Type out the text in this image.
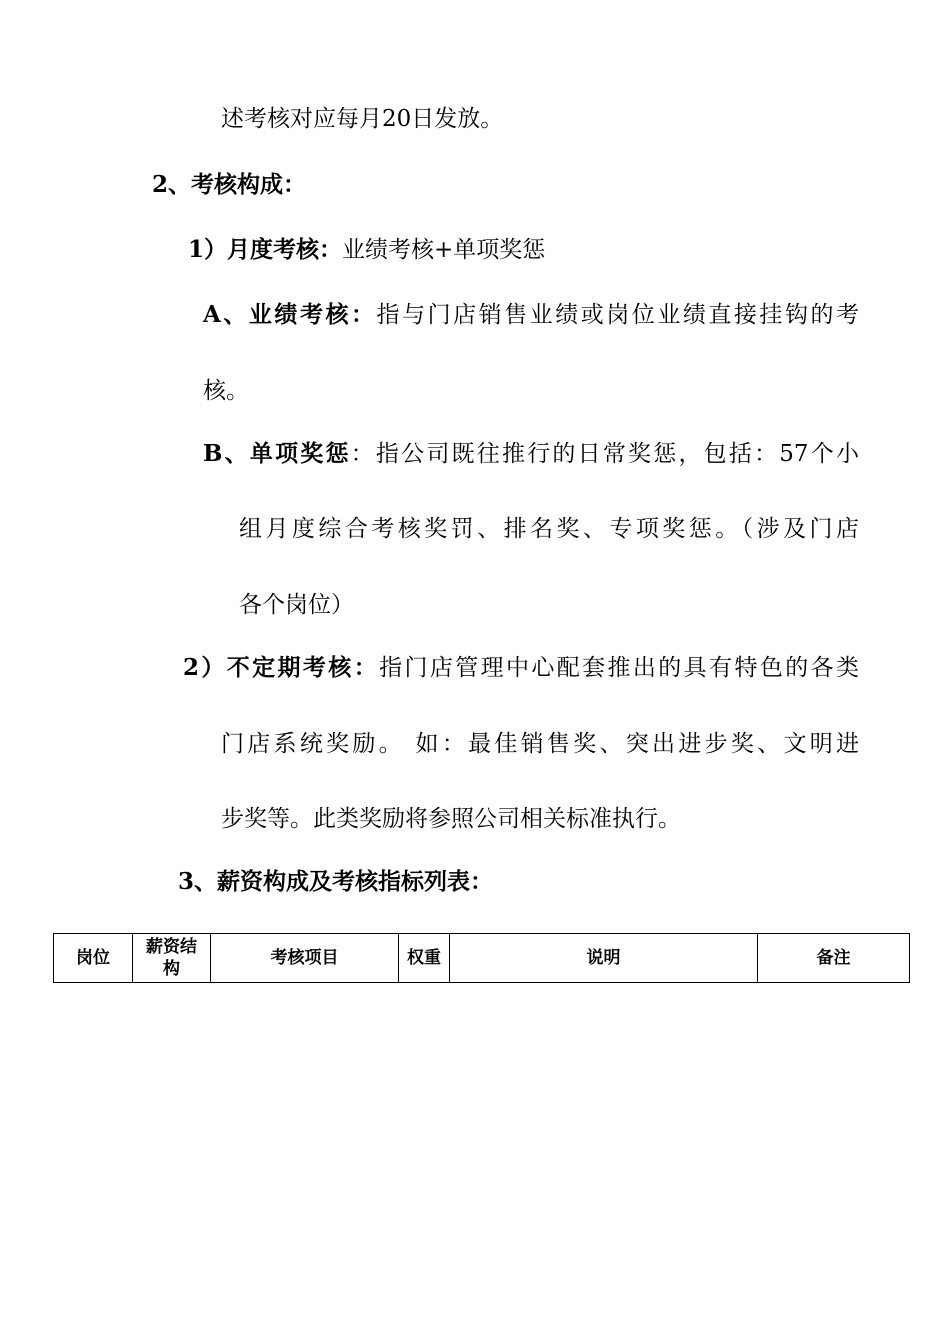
述考核对应每月20日发放。

2、考核构成：

1）月度考核：业绩考核+单项奖惩

A、业绩考核：指与门店销售业绩或岗位业绩直接挂钩的考

核。

B、单项奖惩：指公司既往推行的日常奖惩，包括：57个小

组月度综合考核奖罚、排名奖、专项奖惩。（涉及门店

各个岗位）

2）不定期考核：指门店管理中心配套推出的具有特色的各类

门店系统奖励。 如：最佳销售奖、突出进步奖、文明进

步奖等。此类奖励将参照公司相关标准执行。

3、薪资构成及考核指标列表：

岗位	薪资结构	考核项目	权重	说明	备注
